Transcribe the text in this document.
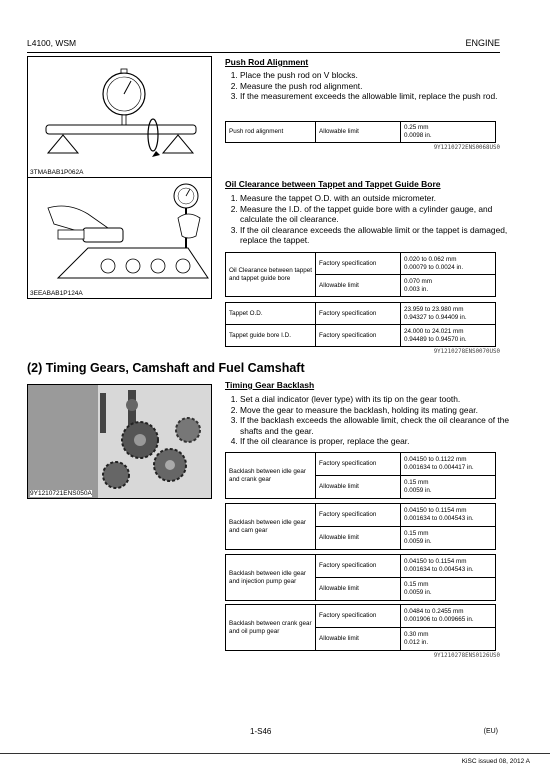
L4100, WSM	ENGINE
3TMABAB1P062A
3EEABAB1P124A
9Y1210721ENS050A
Push Rod Alignment
1. Place the push rod on V blocks.
2. Measure the push rod alignment.
3. If the measurement exceeds the allowable limit, replace the push rod.
Push rod alignment	Allowable limit	0.25 mm
0.0098 in.
9Y1210272ENS0068US0
Oil Clearance between Tappet and Tappet Guide Bore
1. Measure the tappet O.D. with an outside micrometer.
2. Measure the I.D. of the tappet guide bore with a cylinder gauge, and calculate the oil clearance.
3. If the oil clearance exceeds the allowable limit or the tappet is damaged, replace the tappet.
Oil Clearance between tappet and tappet guide bore	Factory specification	0.020 to 0.062 mm
0.00079 to 0.0024 in.
	Allowable limit	0.070 mm
0.003 in.
Tappet O.D.	Factory specification	23.959 to 23.980 mm
0.94327 to 0.94409 in.
Tappet guide bore I.D.	Factory specification	24.000 to 24.021 mm
0.94489 to 0.94570 in.
9Y1210278ENS0070US0
(2) Timing Gears, Camshaft and Fuel Camshaft
Timing Gear Backlash
1. Set a dial indicator (lever type) with its tip on the gear tooth.
2. Move the gear to measure the backlash, holding its mating gear.
3. If the backlash exceeds the allowable limit, check the oil clearance of the shafts and the gear.
4. If the oil clearance is proper, replace the gear.
Backlash between idle gear and crank gear	Factory specification	0.04150 to 0.1122 mm
0.001634 to 0.004417 in.
	Allowable limit	0.15 mm
0.0059 in.
Backlash between idle gear and cam gear	Factory specification	0.04150 to 0.1154 mm
0.001634 to 0.004543 in.
	Allowable limit	0.15 mm
0.0059 in.
Backlash between idle gear and injection pump gear	Factory specification	0.04150 to 0.1154 mm
0.001634 to 0.004543 in.
	Allowable limit	0.15 mm
0.0059 in.
Backlash between crank gear and oil pump gear	Factory specification	0.0484 to 0.2455 mm
0.001906 to 0.009665 in.
	Allowable limit	0.30 mm
0.012 in.
9Y1210278ENS0126US0
1-S46	(EU)
KiSC issued 08, 2012 A
